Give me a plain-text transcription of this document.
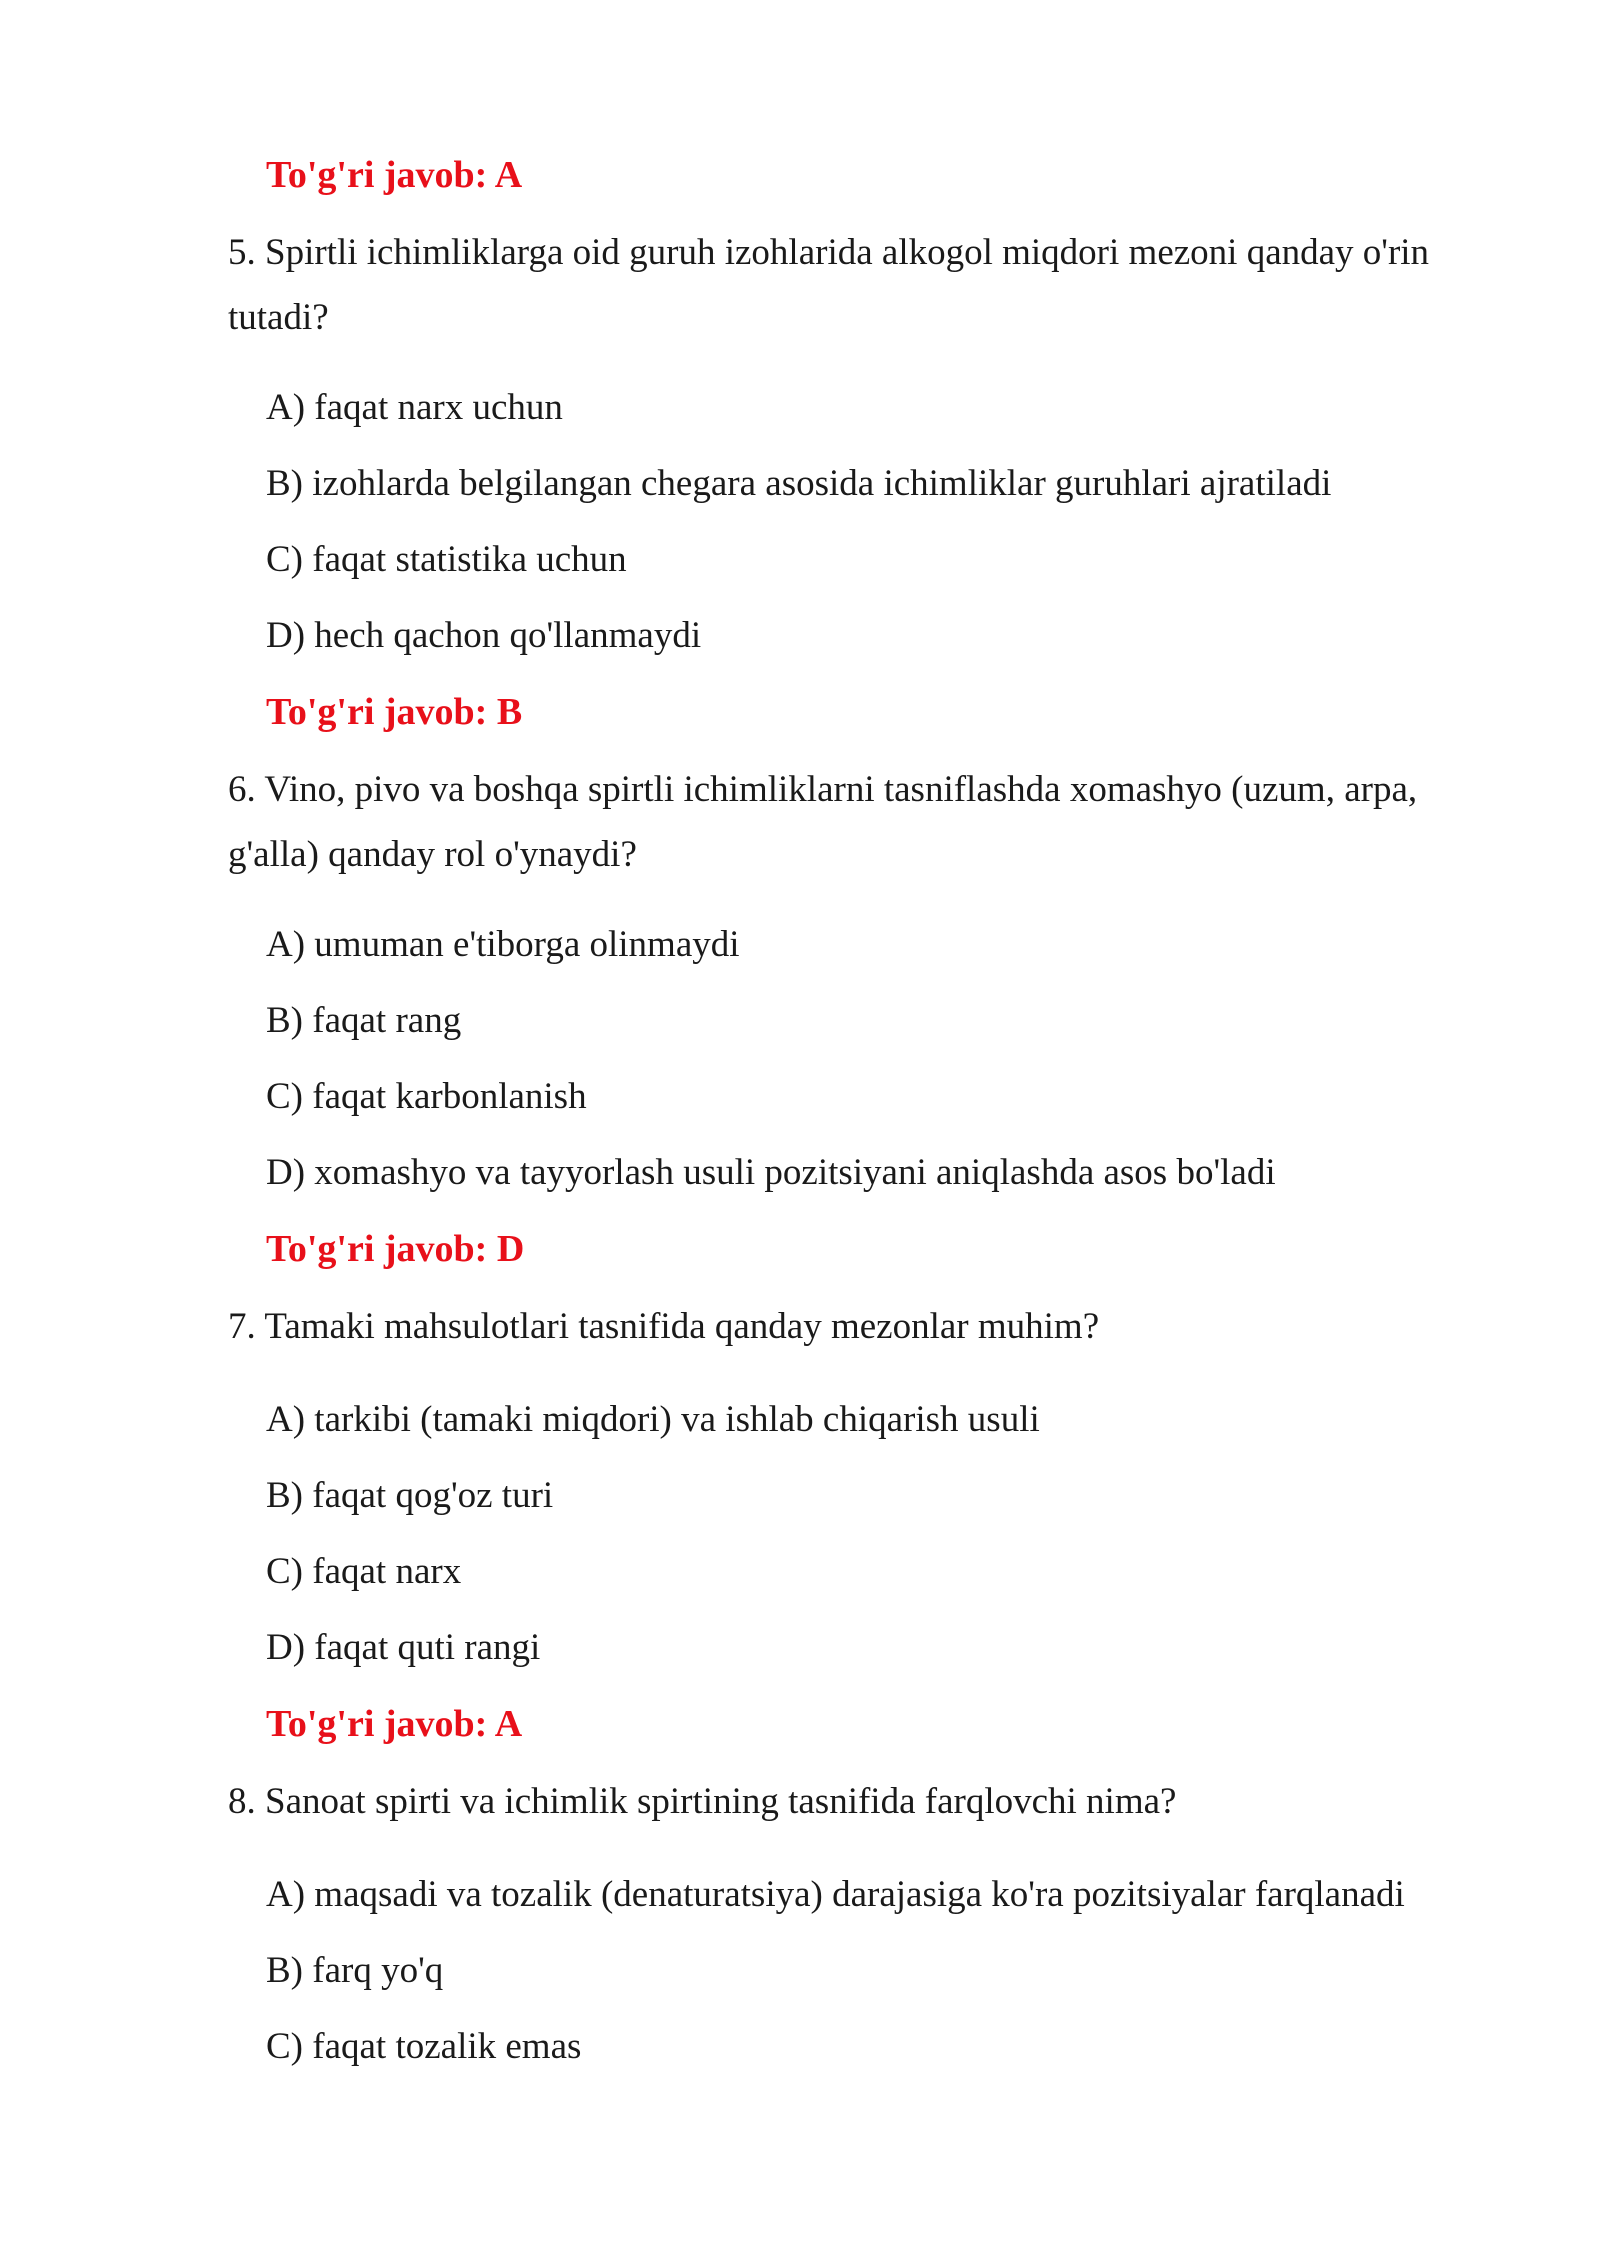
To'g'ri javob: A
5. Spirtli ichimliklarga oid guruh izohlarida alkogol miqdori mezoni qanday o'rin tutadi?
A) faqat narx uchun
B) izohlarda belgilangan chegara asosida ichimliklar guruhlari ajratiladi
C) faqat statistika uchun
D) hech qachon qo'llanmaydi
To'g'ri javob: B
6. Vino, pivo va boshqa spirtli ichimliklarni tasniflashda xomashyo (uzum, arpa, g'alla) qanday rol o'ynaydi?
A) umuman e'tiborga olinmaydi
B) faqat rang
C) faqat karbonlanish
D) xomashyo va tayyorlash usuli pozitsiyani aniqlashda asos bo'ladi
To'g'ri javob: D
7. Tamaki mahsulotlari tasnifida qanday mezonlar muhim?
A) tarkibi (tamaki miqdori) va ishlab chiqarish usuli
B) faqat qog'oz turi
C) faqat narx
D) faqat quti rangi
To'g'ri javob: A
8. Sanoat spirti va ichimlik spirtining tasnifida farqlovchi nima?
A) maqsadi va tozalik (denaturatsiya) darajasiga ko'ra pozitsiyalar farqlanadi
B) farq yo'q
C) faqat tozalik emas
